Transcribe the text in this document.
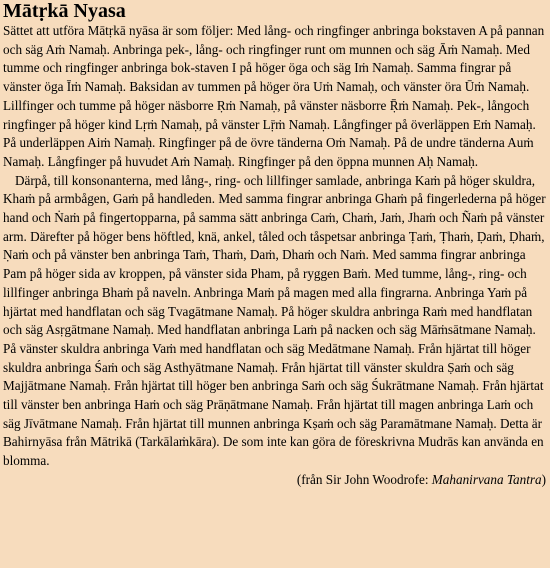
Mātṛkā Nyasa

Sättet att utföra Mātṛkā nyāsa är som följer: Med lång- och ringfinger anbringa bokstaven A på pannan och säg Aṁ Namaḥ. Anbringa pek-, lång- och ringfinger runt om munnen och säg Āṁ Namaḥ. Med tumme och ringfinger anbringa bok-staven I på höger öga och säg Iṁ Namaḥ. Samma fingrar på vänster öga Īṁ Namaḥ. Baksidan av tummen på höger öra Uṁ Namaḥ, och vänster öra Ūṁ Namaḥ. Lillfinger och tumme på höger näsborre Ṛṁ Namaḥ, på vänster näsborre Ṝṁ Namaḥ. Pek-, långoch ringfinger på höger kind Lṛṁ Namaḥ, på vänster Lṝṁ Namaḥ. Långfinger på överläppen Eṁ Namaḥ. På underläppen Aiṁ Namaḥ. Ringfinger på de övre tänderna Oṁ Namaḥ. På de undre tänderna Auṁ Namaḥ. Långfinger på huvudet Aṁ Namaḥ. Ringfinger på den öppna munnen Aḥ Namaḥ.

Därpå, till konsonanterna, med lång-, ring- och lillfinger samlade, anbringa Kaṁ på höger skuldra, Khaṁ på armbågen, Gaṁ på handleden. Med samma fingrar anbringa Ghaṁ på fingerlederna på höger hand och Ṅaṁ på fingertopparna, på samma sätt anbringa Caṁ, Chaṁ, Jaṁ, Jhaṁ och Ñaṁ på vänster arm. Därefter på höger bens höftled, knä, ankel, tåled och tåspetsar anbringa Ṭaṁ, Ṭhaṁ, Ḍaṁ, Ḍhaṁ, Ṇaṁ och på vänster ben anbringa Taṁ, Thaṁ, Daṁ, Dhaṁ och Naṁ. Med samma fingrar anbringa Pam på höger sida av kroppen, på vänster sida Pham, på ryggen Baṁ. Med tumme, lång-, ring- och lillfinger anbringa Bhaṁ på naveln. Anbringa Maṁ på magen med alla fingrarna. Anbringa Yaṁ på hjärtat med handflatan och säg Tvagātmane Namaḥ. På höger skuldra anbringa Raṁ med handflatan och säg Asṛgātmane Namaḥ. Med handflatan anbringa Laṁ på nacken och säg Māṁsātmane Namaḥ. På vänster skuldra anbringa Vaṁ med handflatan och säg Medātmane Namaḥ. Från hjärtat till höger skuldra anbringa Śaṁ och säg Asthyātmane Namaḥ. Från hjärtat till vänster skuldra Ṣaṁ och säg Majjātmane Namaḥ. Från hjärtat till höger ben anbringa Saṁ och säg Śukrātmane Namaḥ. Från hjärtat till vänster ben anbringa Haṁ och säg Prāṇātmane Namaḥ. Från hjärtat till magen anbringa Laṁ och säg Jīvātmane Namaḥ. Från hjärtat till munnen anbringa Kṣaṁ och säg Paramātmane Namaḥ. Detta är Bahirnyāsa från Mātrikā (Tarkālaṁkāra). De som inte kan göra de föreskrivna Mudrās kan använda en blomma.

(från Sir John Woodrofe: Mahanirvana Tantra)
